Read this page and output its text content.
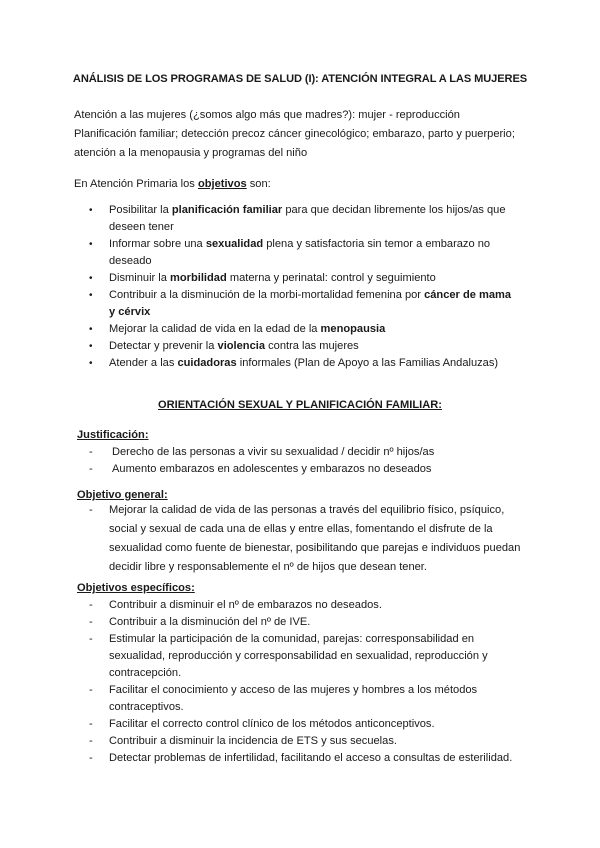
ANÁLISIS DE LOS PROGRAMAS DE SALUD (I): ATENCIÓN INTEGRAL A LAS MUJERES
Atención a las mujeres (¿somos algo más que madres?): mujer - reproducción
Planificación familiar; detección precoz cáncer ginecológico; embarazo, parto y puerperio;
atención a la menopausia y programas del niño
En Atención Primaria los objetivos son:
• Posibilitar la planificación familiar para que decidan libremente los hijos/as que deseen tener
• Informar sobre una sexualidad plena y satisfactoria sin temor a embarazo no deseado
• Disminuir la morbilidad materna y perinatal: control y seguimiento
• Contribuir a la disminución de la morbi-mortalidad femenina por cáncer de mama y cérvix
• Mejorar la calidad de vida en la edad de la menopausia
• Detectar y prevenir la violencia contra las mujeres
• Atender a las cuidadoras informales (Plan de Apoyo a las Familias Andaluzas)
ORIENTACIÓN SEXUAL Y PLANIFICACIÓN FAMILIAR:
Justificación:
- Derecho de las personas a vivir su sexualidad / decidir nº hijos/as
- Aumento embarazos en adolescentes y embarazos no deseados
Objetivo general:
- Mejorar la calidad de vida de las personas a través del equilibrio físico, psíquico, social y sexual de cada una de ellas y entre ellas, fomentando el disfrute de la sexualidad como fuente de bienestar, posibilitando que parejas e individuos puedan decidir libre y responsablemente el nº de hijos que desean tener.
Objetivos específicos:
- Contribuir a disminuir el nº de embarazos no deseados.
- Contribuir a la disminución del nº de IVE.
- Estimular la participación de la comunidad, parejas: corresponsabilidad en sexualidad, reproducción y corresponsabilidad en sexualidad, reproducción y contracepción.
- Facilitar el conocimiento y acceso de las mujeres y hombres a los métodos contraceptivos.
- Facilitar el correcto control clínico de los métodos anticonceptivos.
- Contribuir a disminuir la incidencia de ETS y sus secuelas.
- Detectar problemas de infertilidad, facilitando el acceso a consultas de esterilidad.
